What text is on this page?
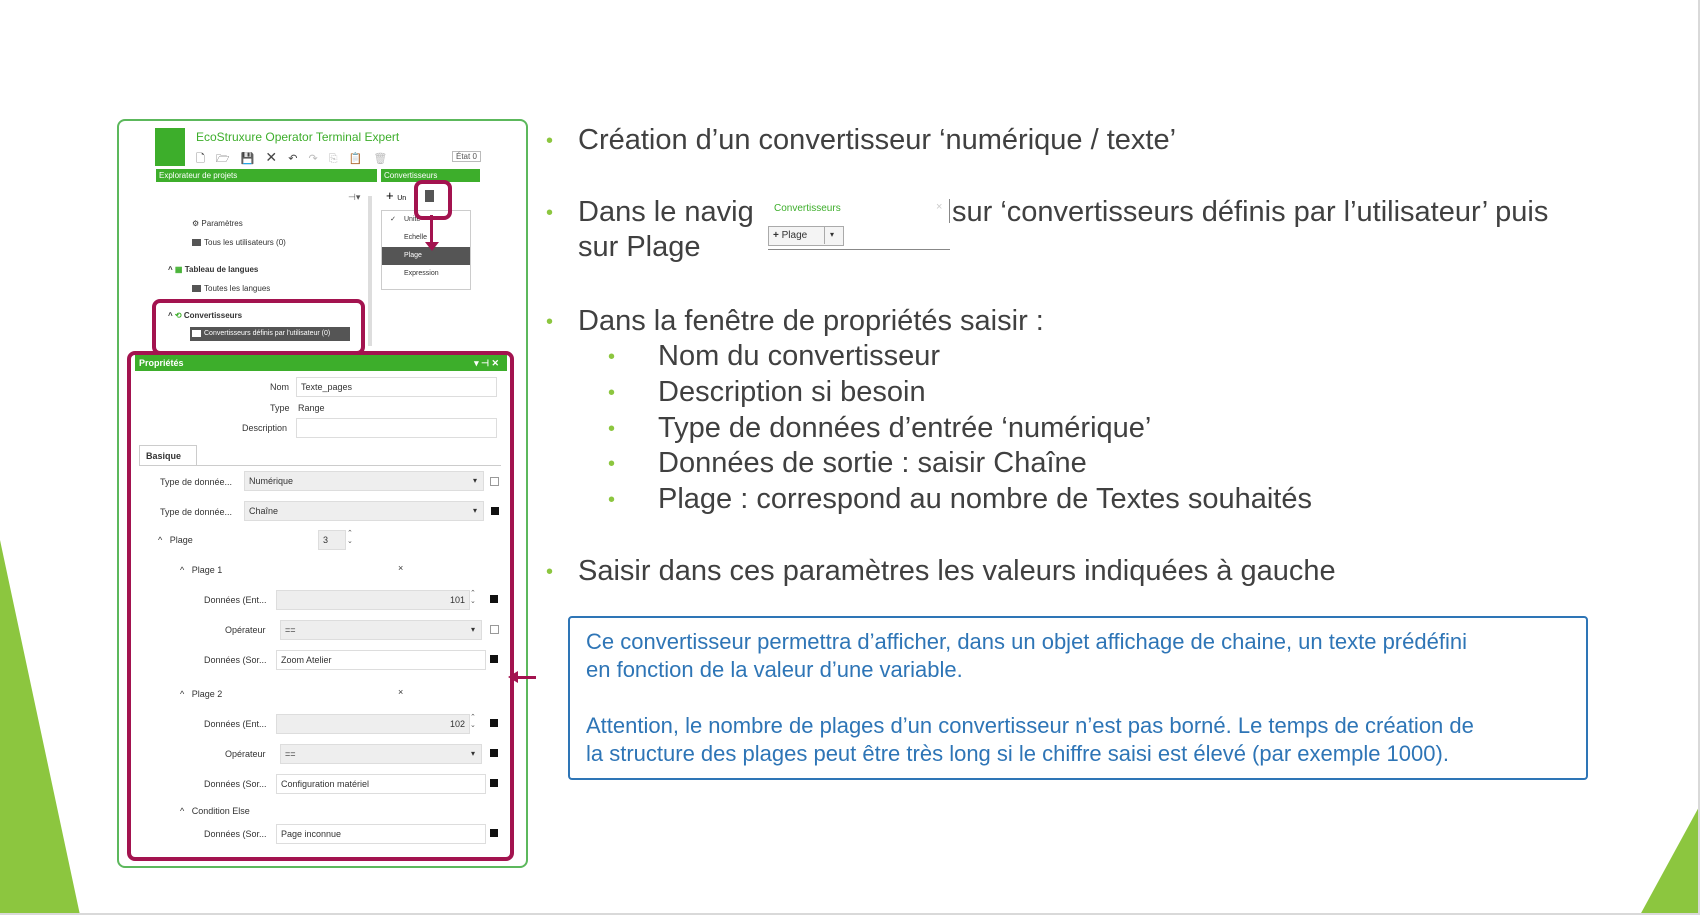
EcoStruxure Operator Terminal Expert
🗋 🗁 💾 ✕ ↶ ↷ ⎘ 📋 🗑	État 0
Explorateur de projets	Convertisseurs
⊣▾
⚙ Paramètres
Tous les utilisateurs (0)
^ ▦ Tableau de langues
Toutes les langues
^ ⟲ Convertisseurs
Convertisseurs définis par l'utilisateur (0)
+ Un
✓ Unité
Echelle
Plage
Expression
Propriétés	▾ ⊣ ✕
Nom	Texte_pages
Type Range
Description
Basique
Type de donnée...	Numérique	▾
Type de donnée...	Chaîne	▾
^ Plage	3
⌃
⌄
^ Plage 1	×
Données (Ent...	101
⌃
⌄
Opérateur	==	▾
Données (Sor...	Zoom Atelier
^ Plage 2	×
Données (Ent...	102
⌃
⌄
Opérateur	==	▾
Données (Sor...	Configuration matériel
^ Condition Else
Données (Sor...	Page inconnue
• Création d’un convertisseur ‘numérique / texte’
• Dans le navig	sur ‘convertisseurs définis par l’utilisateur’ puis
sur Plage
Convertisseurs	×
+ Plage	▾
• Dans la fenêtre de propriétés saisir :
• Nom du convertisseur
• Description si besoin
• Type de données d’entrée ‘numérique’
• Données de sortie : saisir Chaîne
• Plage : correspond au nombre de Textes souhaités
• Saisir dans ces paramètres les valeurs indiquées à gauche

Ce convertisseur permettra d’afficher, dans un objet affichage de chaine, un texte prédéfini

en fonction de la valeur d’une variable.

Attention, le nombre de plages d’un convertisseur n’est pas borné. Le temps de création de

la structure des plages peut être très long si le chiffre saisi est élevé (par exemple 1000).
